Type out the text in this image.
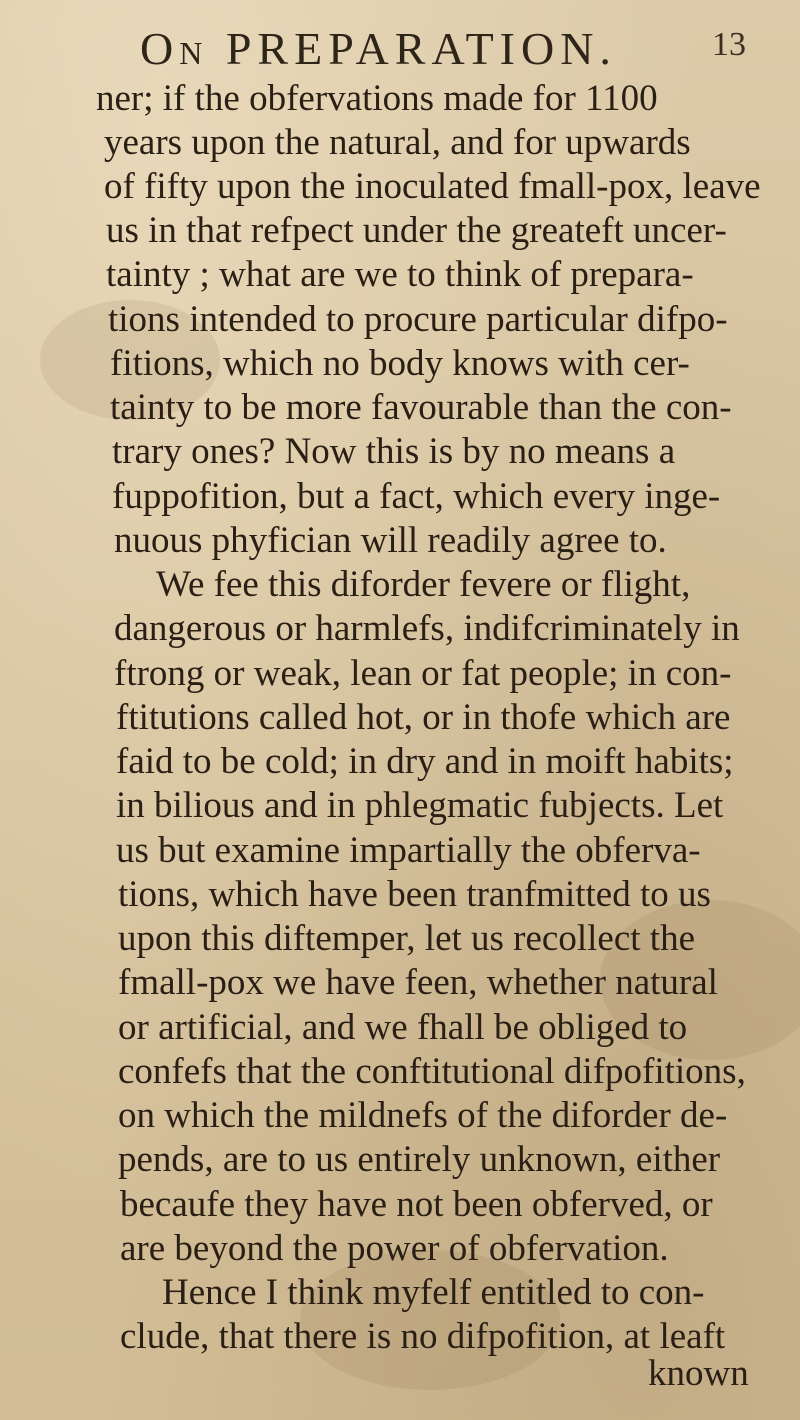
On PREPARATION.	13
ner; if the obfervations made for 1100
years upon the natural, and for upwards
of fifty upon the inoculated fmall-pox, leave
us in that refpect under the greateft uncer-
tainty ; what are we to think of prepara-
tions intended to procure particular difpo-
fitions, which no body knows with cer-
tainty to be more favourable than the con-
trary ones? Now this is by no means a
fuppofition, but a fact, which every inge-
nuous phyfician will readily agree to.
We fee this diforder fevere or flight,
dangerous or harmlefs, indifcriminately in
ftrong or weak, lean or fat people; in con-
ftitutions called hot, or in thofe which are
faid to be cold; in dry and in moift habits;
in bilious and in phlegmatic fubjects. Let
us but examine impartially the obferva-
tions, which have been tranfmitted to us
upon this diftemper, let us recollect the
fmall-pox we have feen, whether natural
or artificial, and we fhall be obliged to
confefs that the conftitutional difpofitions,
on which the mildnefs of the diforder de-
pends, are to us entirely unknown, either
becaufe they have not been obferved, or
are beyond the power of obfervation.
Hence I think myfelf entitled to con-
clude, that there is no difpofition, at leaft
known
